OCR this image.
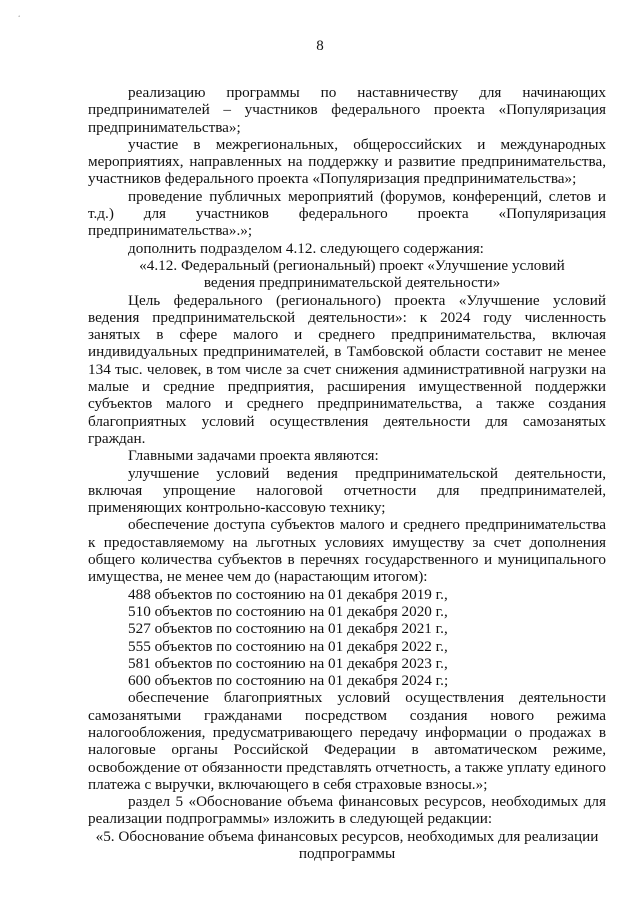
ʻ
8

реализацию программы по наставничеству для начинающих предпринимателей – участников федерального проекта «Популяризация предпринимательства»;

участие в межрегиональных, общероссийских и международных мероприятиях, направленных на поддержку и развитие предпринимательства, участников федерального проекта «Популяризация предпринимательства»;

проведение публичных мероприятий (форумов, конференций, слетов и т.д.) для участников федерального проекта «Популяризация предпринимательства».»;

дополнить подразделом 4.12. следующего содержания:

«4.12. Федеральный (региональный) проект «Улучшение условий ведения предпринимательской деятельности»

Цель федерального (регионального) проекта «Улучшение условий ведения предпринимательской деятельности»: к 2024 году численность занятых в сфере малого и среднего предпринимательства, включая индивидуальных предпринимателей, в Тамбовской области составит не менее 134 тыс. человек, в том числе за счет снижения административной нагрузки на малые и средние предприятия, расширения имущественной поддержки субъектов малого и среднего предпринимательства, а также создания благоприятных условий осуществления деятельности для самозанятых граждан.

Главными задачами проекта являются:

улучшение условий ведения предпринимательской деятельности, включая упрощение налоговой отчетности для предпринимателей, применяющих контрольно-кассовую технику;

обеспечение доступа субъектов малого и среднего предпринимательства к предоставляемому на льготных условиях имуществу за счет дополнения общего количества субъектов в перечнях государственного и муниципального имущества, не менее чем до (нарастающим итогом):

488 объектов по состоянию на 01 декабря 2019 г.,

510 объектов по состоянию на 01 декабря 2020 г.,

527 объектов по состоянию на 01 декабря 2021 г.,

555 объектов по состоянию на 01 декабря 2022 г.,

581 объектов по состоянию на 01 декабря 2023 г.,

600 объектов по состоянию на 01 декабря 2024 г.;

обеспечение благоприятных условий осуществления деятельности самозанятыми гражданами посредством создания нового режима налогообложения, предусматривающего передачу информации о продажах в налоговые органы Российской Федерации в автоматическом режиме, освобождение от обязанности представлять отчетность, а также уплату единого платежа с выручки, включающего в себя страховые взносы.»;

раздел 5 «Обоснование объема финансовых ресурсов, необходимых для реализации подпрограммы» изложить в следующей редакции:

«5. Обоснование объема финансовых ресурсов, необходимых для реализации подпрограммы
